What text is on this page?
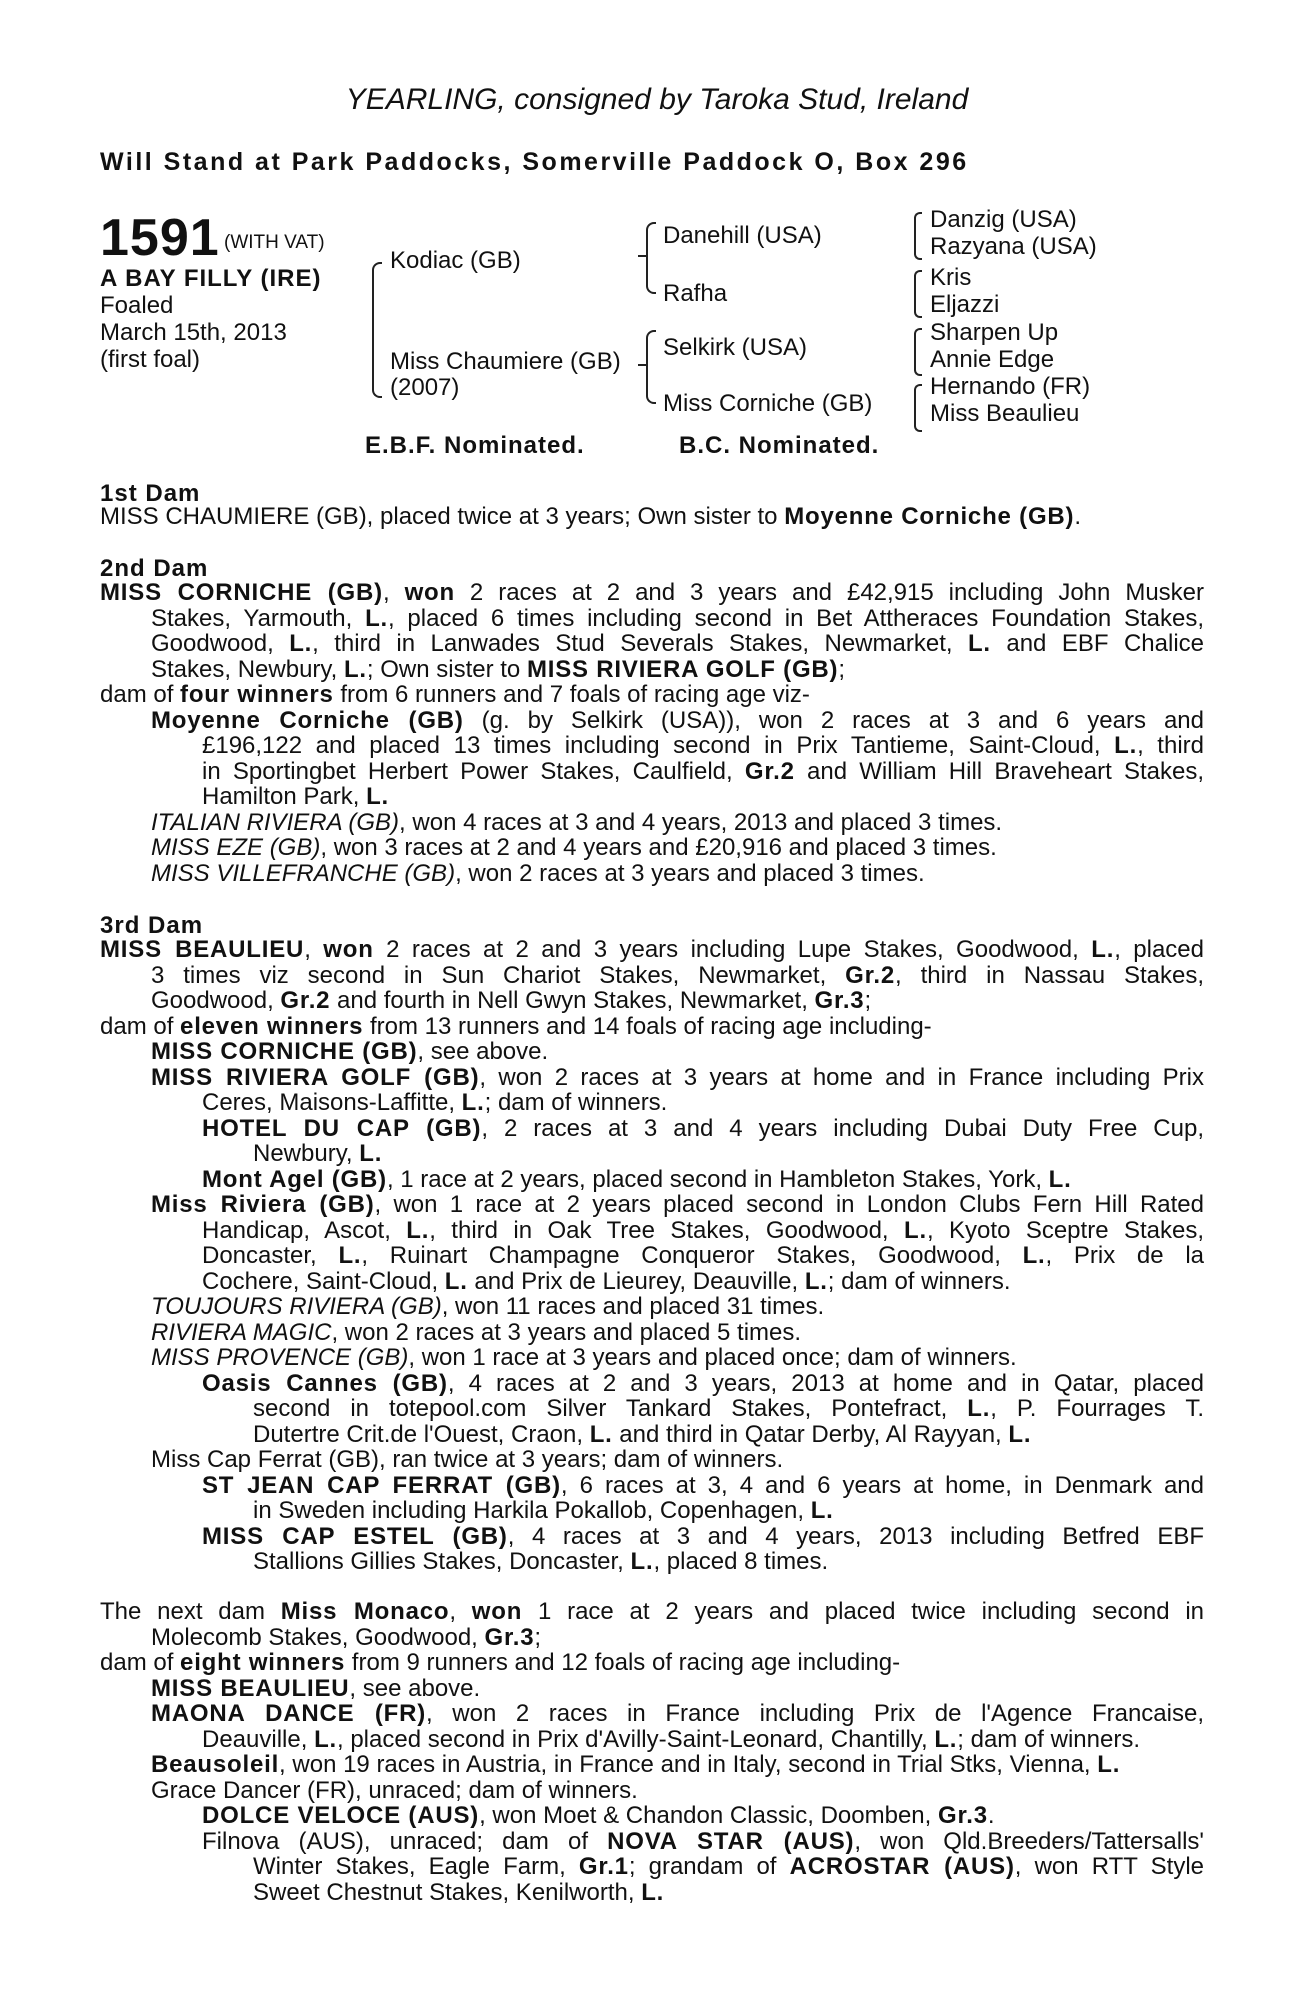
YEARLING, consigned by Taroka Stud, Ireland
Will Stand at Park Paddocks, Somerville Paddock O, Box 296
1591 (WITH VAT)
A BAY FILLY (IRE)
Foaled
March 15th, 2013
(first foal)
Kodiac (GB)
Miss Chaumiere (GB)
(2007)
Danehill (USA)
Rafha
Selkirk (USA)
Miss Corniche (GB)
Danzig (USA)
Razyana (USA)
Kris
Eljazzi
Sharpen Up
Annie Edge
Hernando (FR)
Miss Beaulieu
E.B.F. Nominated.	B.C. Nominated.
1st Dam
MISS CHAUMIERE (GB), placed twice at 3 years; Own sister to Moyenne Corniche (GB).
2nd Dam
MISS CORNICHE (GB), won 2 races at 2 and 3 years and £42,915 including John Musker
Stakes, Yarmouth, L., placed 6 times including second in Bet Attheraces Foundation Stakes,
Goodwood, L., third in Lanwades Stud Severals Stakes, Newmarket, L. and EBF Chalice
Stakes, Newbury, L.; Own sister to MISS RIVIERA GOLF (GB);
dam of four winners from 6 runners and 7 foals of racing age viz-
Moyenne Corniche (GB) (g. by Selkirk (USA)), won 2 races at 3 and 6 years and
£196,122 and placed 13 times including second in Prix Tantieme, Saint-Cloud, L., third
in Sportingbet Herbert Power Stakes, Caulfield, Gr.2 and William Hill Braveheart Stakes,
Hamilton Park, L.
ITALIAN RIVIERA (GB), won 4 races at 3 and 4 years, 2013 and placed 3 times.
MISS EZE (GB), won 3 races at 2 and 4 years and £20,916 and placed 3 times.
MISS VILLEFRANCHE (GB), won 2 races at 3 years and placed 3 times.
3rd Dam
MISS BEAULIEU, won 2 races at 2 and 3 years including Lupe Stakes, Goodwood, L., placed
3 times viz second in Sun Chariot Stakes, Newmarket, Gr.2, third in Nassau Stakes,
Goodwood, Gr.2 and fourth in Nell Gwyn Stakes, Newmarket, Gr.3;
dam of eleven winners from 13 runners and 14 foals of racing age including-
MISS CORNICHE (GB), see above.
MISS RIVIERA GOLF (GB), won 2 races at 3 years at home and in France including Prix
Ceres, Maisons-Laffitte, L.; dam of winners.
HOTEL DU CAP (GB), 2 races at 3 and 4 years including Dubai Duty Free Cup,
Newbury, L.
Mont Agel (GB), 1 race at 2 years, placed second in Hambleton Stakes, York, L.
Miss Riviera (GB), won 1 race at 2 years placed second in London Clubs Fern Hill Rated
Handicap, Ascot, L., third in Oak Tree Stakes, Goodwood, L., Kyoto Sceptre Stakes,
Doncaster, L., Ruinart Champagne Conqueror Stakes, Goodwood, L., Prix de la
Cochere, Saint-Cloud, L. and Prix de Lieurey, Deauville, L.; dam of winners.
TOUJOURS RIVIERA (GB), won 11 races and placed 31 times.
RIVIERA MAGIC, won 2 races at 3 years and placed 5 times.
MISS PROVENCE (GB), won 1 race at 3 years and placed once; dam of winners.
Oasis Cannes (GB), 4 races at 2 and 3 years, 2013 at home and in Qatar, placed
second in totepool.com Silver Tankard Stakes, Pontefract, L., P. Fourrages T.
Dutertre Crit.de l'Ouest, Craon, L. and third in Qatar Derby, Al Rayyan, L.
Miss Cap Ferrat (GB), ran twice at 3 years; dam of winners.
ST JEAN CAP FERRAT (GB), 6 races at 3, 4 and 6 years at home, in Denmark and
in Sweden including Harkila Pokallob, Copenhagen, L.
MISS CAP ESTEL (GB), 4 races at 3 and 4 years, 2013 including Betfred EBF
Stallions Gillies Stakes, Doncaster, L., placed 8 times.
The next dam Miss Monaco, won 1 race at 2 years and placed twice including second in
Molecomb Stakes, Goodwood, Gr.3;
dam of eight winners from 9 runners and 12 foals of racing age including-
MISS BEAULIEU, see above.
MAONA DANCE (FR), won 2 races in France including Prix de l'Agence Francaise,
Deauville, L., placed second in Prix d'Avilly-Saint-Leonard, Chantilly, L.; dam of winners.
Beausoleil, won 19 races in Austria, in France and in Italy, second in Trial Stks, Vienna, L.
Grace Dancer (FR), unraced; dam of winners.
DOLCE VELOCE (AUS), won Moet & Chandon Classic, Doomben, Gr.3.
Filnova (AUS), unraced; dam of NOVA STAR (AUS), won Qld.Breeders/Tattersalls'
Winter Stakes, Eagle Farm, Gr.1; grandam of ACROSTAR (AUS), won RTT Style
Sweet Chestnut Stakes, Kenilworth, L.
